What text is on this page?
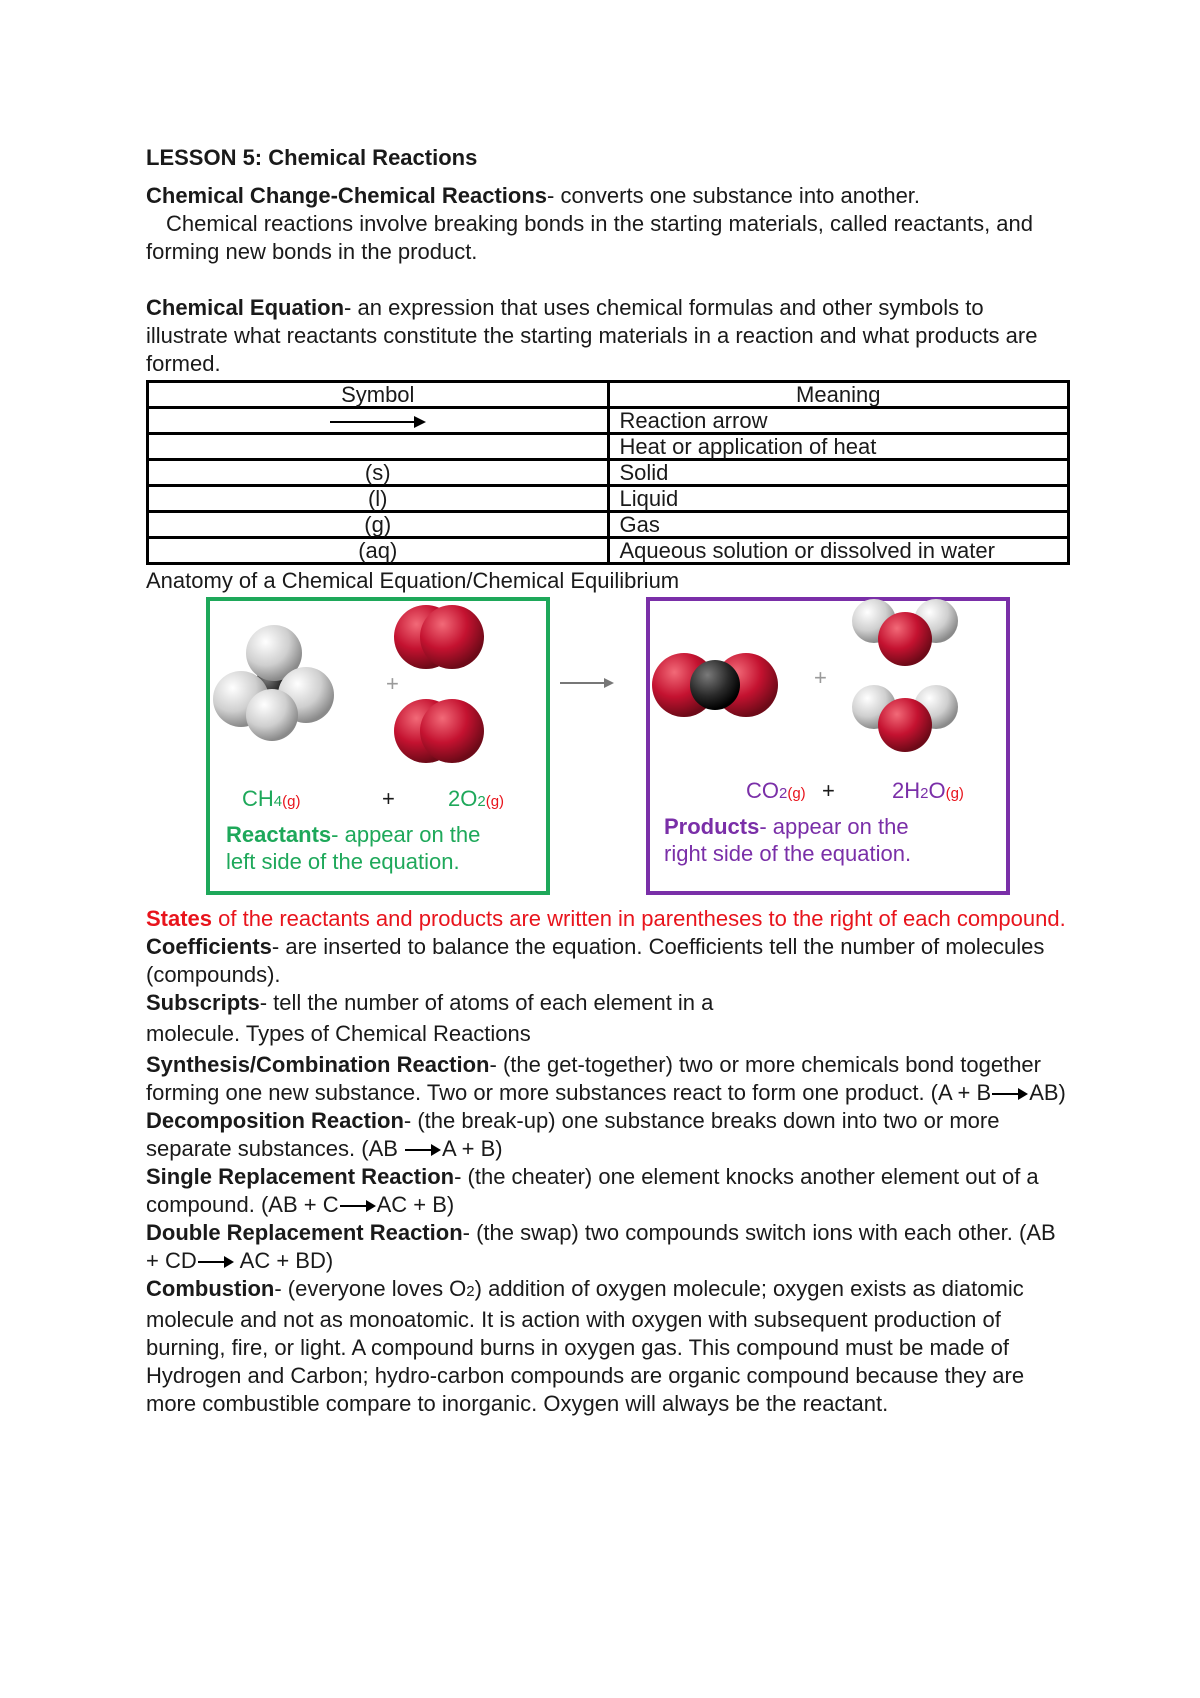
LESSON 5: Chemical Reactions

Chemical Change-Chemical Reactions- converts one substance into another.

Chemical reactions involve breaking bonds in the starting materials, called reactants, and forming new bonds in the product.

Chemical Equation- an expression that uses chemical formulas and other symbols to illustrate what reactants constitute the starting materials in a reaction and what products are formed.

Symbol	Meaning
	Reaction arrow
	Heat or application of heat
(s)	Solid
(l)	Liquid
(g)	Gas
(aq)	Aqueous solution or dissolved in water

Anatomy of a Chemical Equation/Chemical Equilibrium

+	+
CH4(g)	+ 2O2(g)
Reactants- appear on the
left side of the equation.
CO2(g) +	2H2O(g)
Products- appear on the
right side of the equation.

States of the reactants and products are written in parentheses to the right of each compound.

Coefficients- are inserted to balance the equation. Coefficients tell the number of molecules (compounds).

Subscripts- tell the number of atoms of each element in a

molecule. Types of Chemical Reactions

Synthesis/Combination Reaction- (the get-together) two or more chemicals bond together forming one new substance. Two or more substances react to form one product. (A + B AB)

Decomposition Reaction- (the break-up) one substance breaks down into two or more separate substances. (AB A + B)

Single Replacement Reaction- (the cheater) one element knocks another element out of a compound. (AB + C AC + B)

Double Replacement Reaction- (the swap) two compounds switch ions with each other. (AB + CD AC + BD)

Combustion- (everyone loves O2) addition of oxygen molecule; oxygen exists as diatomic molecule and not as monoatomic. It is action with oxygen with subsequent production of burning, fire, or light. A compound burns in oxygen gas. This compound must be made of Hydrogen and Carbon; hydro-carbon compounds are organic compound because they are more combustible compare to inorganic. Oxygen will always be the reactant.
